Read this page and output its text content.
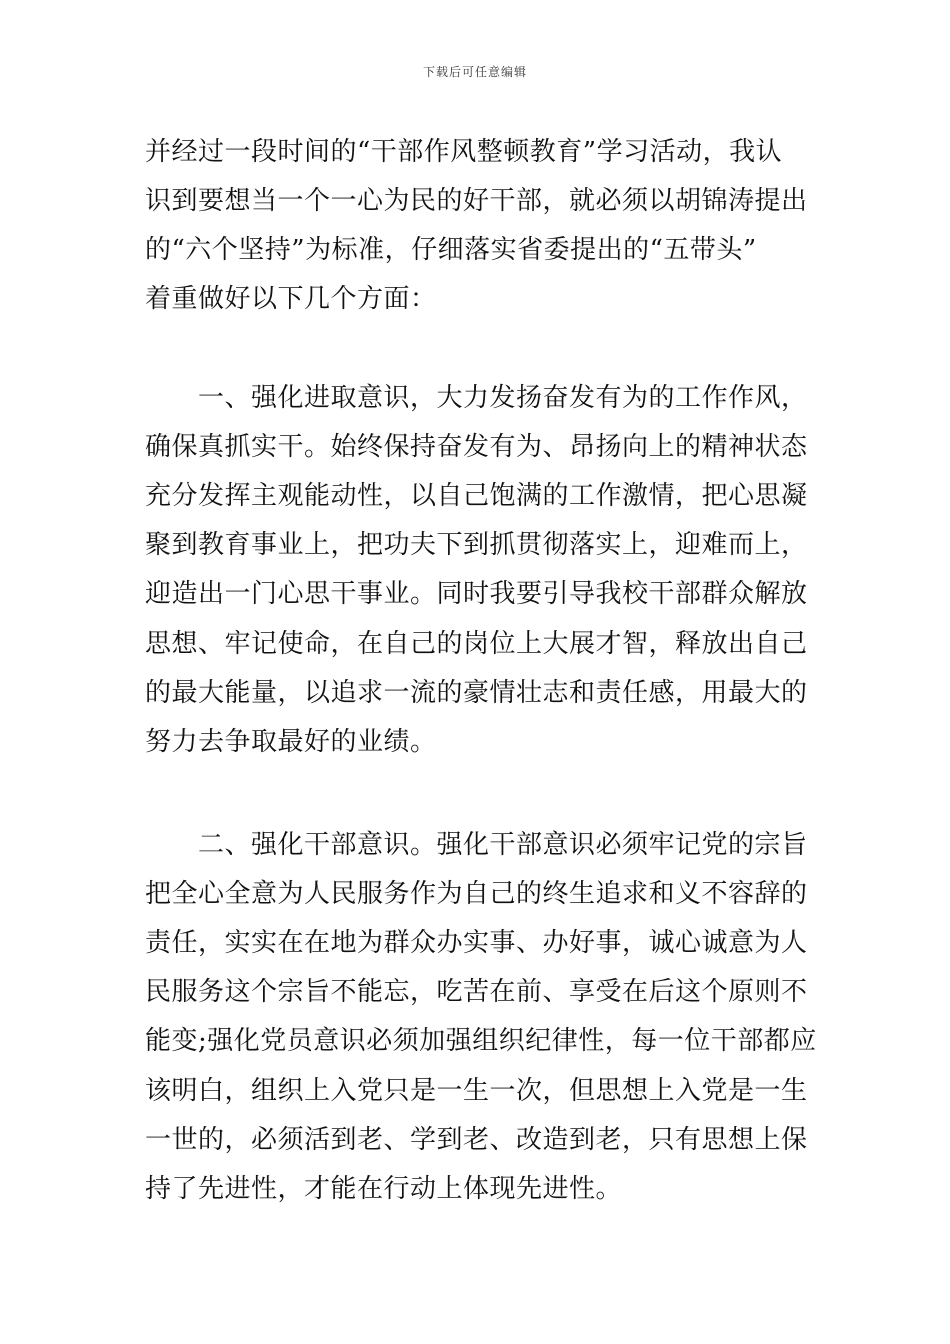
下载后可任意编辑
并经过一段时间的“干部作风整顿教育”学习活动，我认
识到要想当一个一心为民的好干部，就必须以胡锦涛提出
的“六个坚持”为标准，仔细落实省委提出的“五带头”
着重做好以下几个方面：
　　一、强化进取意识，大力发扬奋发有为的工作作风，
确保真抓实干。始终保持奋发有为、昂扬向上的精神状态
充分发挥主观能动性，以自己饱满的工作激情，把心思凝
聚到教育事业上，把功夫下到抓贯彻落实上，迎难而上，
迎造出一门心思干事业。同时我要引导我校干部群众解放
思想、牢记使命，在自己的岗位上大展才智，释放出自己
的最大能量，以追求一流的豪情壮志和责任感，用最大的
努力去争取最好的业绩。
　　二、强化干部意识。强化干部意识必须牢记党的宗旨
把全心全意为人民服务作为自己的终生追求和义不容辞的
责任，实实在在地为群众办实事、办好事，诚心诚意为人
民服务这个宗旨不能忘，吃苦在前、享受在后这个原则不
能变;强化党员意识必须加强组织纪律性，每一位干部都应
该明白，组织上入党只是一生一次，但思想上入党是一生
一世的，必须活到老、学到老、改造到老，只有思想上保
持了先进性，才能在行动上体现先进性。
